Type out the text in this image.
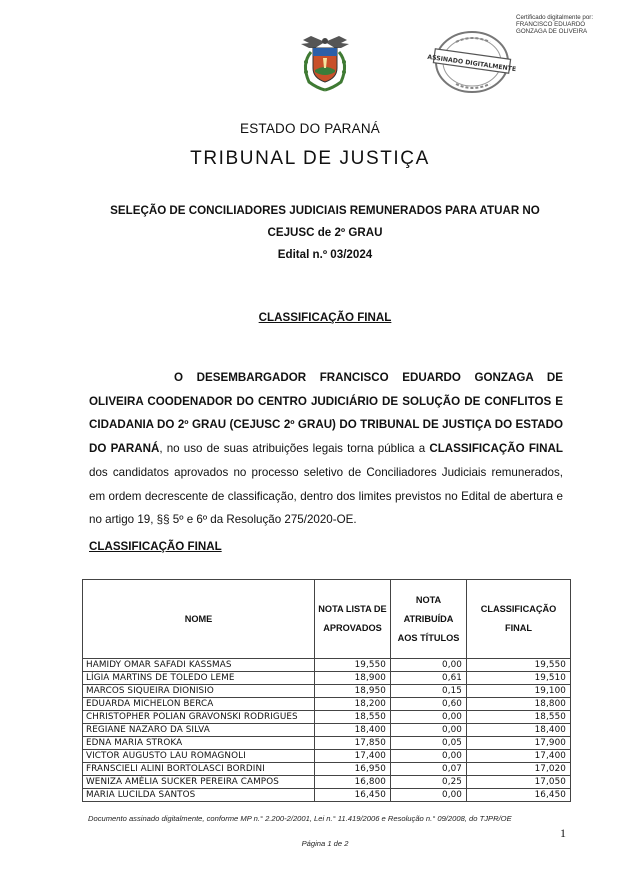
Certificado digitalmente por:
FRANCISCO EDUARDO
GONZAGA DE OLIVEIRA
ASSINADO DIGITALMENTE
ESTADO DO PARANÁ
TRIBUNAL DE JUSTIÇA
SELEÇÃO DE CONCILIADORES JUDICIAIS REMUNERADOS PARA ATUAR NO
CEJUSC de 2º GRAU
Edital n.º 03/2024
CLASSIFICAÇÃO FINAL
O DESEMBARGADOR FRANCISCO EDUARDO GONZAGA DE OLIVEIRA COODENADOR DO CENTRO JUDICIÁRIO DE SOLUÇÃO DE CONFLITOS E CIDADANIA DO 2º GRAU (CEJUSC 2º GRAU) DO TRIBUNAL DE JUSTIÇA DO ESTADO DO PARANÁ, no uso de suas atribuições legais torna pública a CLASSIFICAÇÃO FINAL dos candidatos aprovados no processo seletivo de Conciliadores Judiciais remunerados, em ordem decrescente de classificação, dentro dos limites previstos no Edital de abertura e no artigo 19, §§ 5º e 6º da Resolução 275/2020-OE.
CLASSIFICAÇÃO FINAL
NOME	NOTA LISTA DE APROVADOS	NOTA ATRIBUÍDA AOS TÍTULOS	CLASSIFICAÇÃO FINAL
HAMIDY OMAR SAFADI KASSMAS	19,550	0,00	19,550
LÍGIA MARTINS DE TOLEDO LEME	18,900	0,61	19,510
MARCOS SIQUEIRA DIONISIO	18,950	0,15	19,100
EDUARDA MICHELON BERCA	18,200	0,60	18,800
CHRISTOPHER POLIAN GRAVONSKI RODRIGUES	18,550	0,00	18,550
REGIANE NAZARO DA SILVA	18,400	0,00	18,400
EDNA MARIA STROKA	17,850	0,05	17,900
VICTOR AUGUSTO LAU ROMAGNOLI	17,400	0,00	17,400
FRANSCIELI ALINI BORTOLASCI BORDINI	16,950	0,07	17,020
WENIZA AMÉLIA SUCKER PEREIRA CAMPOS	16,800	0,25	17,050
MARIA LUCILDA SANTOS	16,450	0,00	16,450
Documento assinado digitalmente, conforme MP n.° 2.200-2/2001, Lei n.° 11.419/2006 e Resolução n.° 09/2008, do TJPR/OE
1
Página 1 de 2
